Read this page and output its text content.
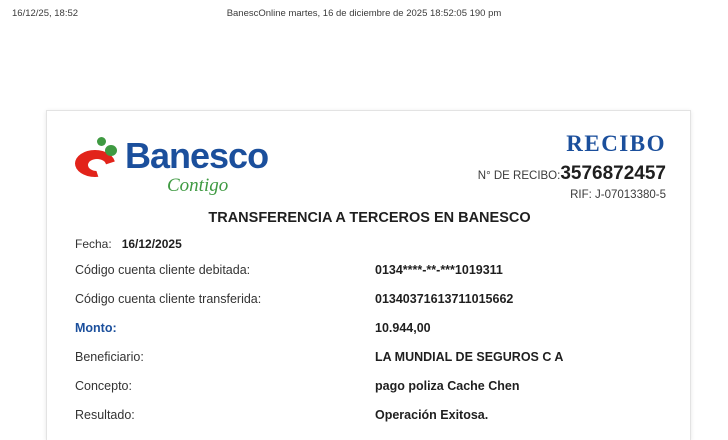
16/12/25, 18:52	BanescOnline martes, 16 de diciembre de 2025 18:52:05 190 pm
Banesco
Contigo
RECIBO
N° DE RECIBO:3576872457
RIF: J-07013380-5
TRANSFERENCIA A TERCEROS EN BANESCO
Fecha: 16/12/2025
Código cuenta cliente debitada:	0134****-**-***1019311
Código cuenta cliente transferida:	01340371613711015662
Monto:	10.944,00
Beneficiario:	LA MUNDIAL DE SEGUROS C A
Concepto:	pago poliza Cache Chen
Resultado:	Operación Exitosa.
